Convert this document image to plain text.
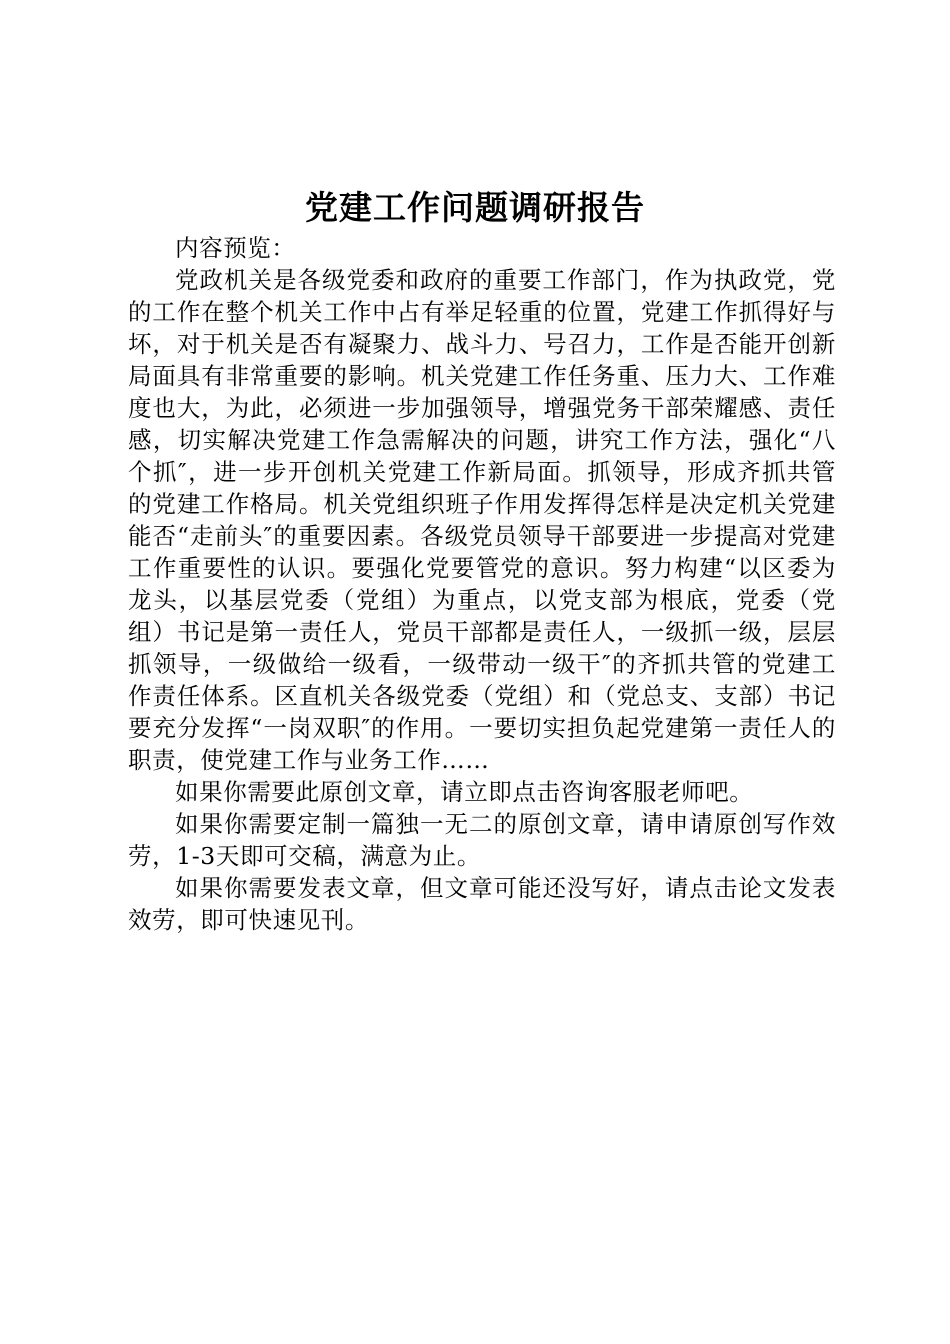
党建工作问题调研报告

内容预览：

党政机关是各级党委和政府的重要工作部门，作为执政党，党的工作在整个机关工作中占有举足轻重的位置，党建工作抓得好与坏，对于机关是否有凝聚力、战斗力、号召力，工作是否能开创新局面具有非常重要的影响。机关党建工作任务重、压力大、工作难度也大，为此，必须进一步加强领导，增强党务干部荣耀感、责任感，切实解决党建工作急需解决的问题，讲究工作方法，强化“八个抓″，进一步开创机关党建工作新局面。抓领导，形成齐抓共管的党建工作格局。机关党组织班子作用发挥得怎样是决定机关党建能否“走前头″的重要因素。各级党员领导干部要进一步提高对党建工作重要性的认识。要强化党要管党的意识。努力构建“以区委为龙头，以基层党委（党组）为重点，以党支部为根底，党委（党组）书记是第一责任人，党员干部都是责任人，一级抓一级，层层抓领导，一级做给一级看，一级带动一级干″的齐抓共管的党建工作责任体系。区直机关各级党委（党组）和（党总支、支部）书记要充分发挥“一岗双职″的作用。一要切实担负起党建第一责任人的职责，使党建工作与业务工作……

如果你需要此原创文章，请立即点击咨询客服老师吧。

如果你需要定制一篇独一无二的原创文章，请申请原创写作效劳，1-3天即可交稿，满意为止。

如果你需要发表文章，但文章可能还没写好，请点击论文发表效劳，即可快速见刊。
